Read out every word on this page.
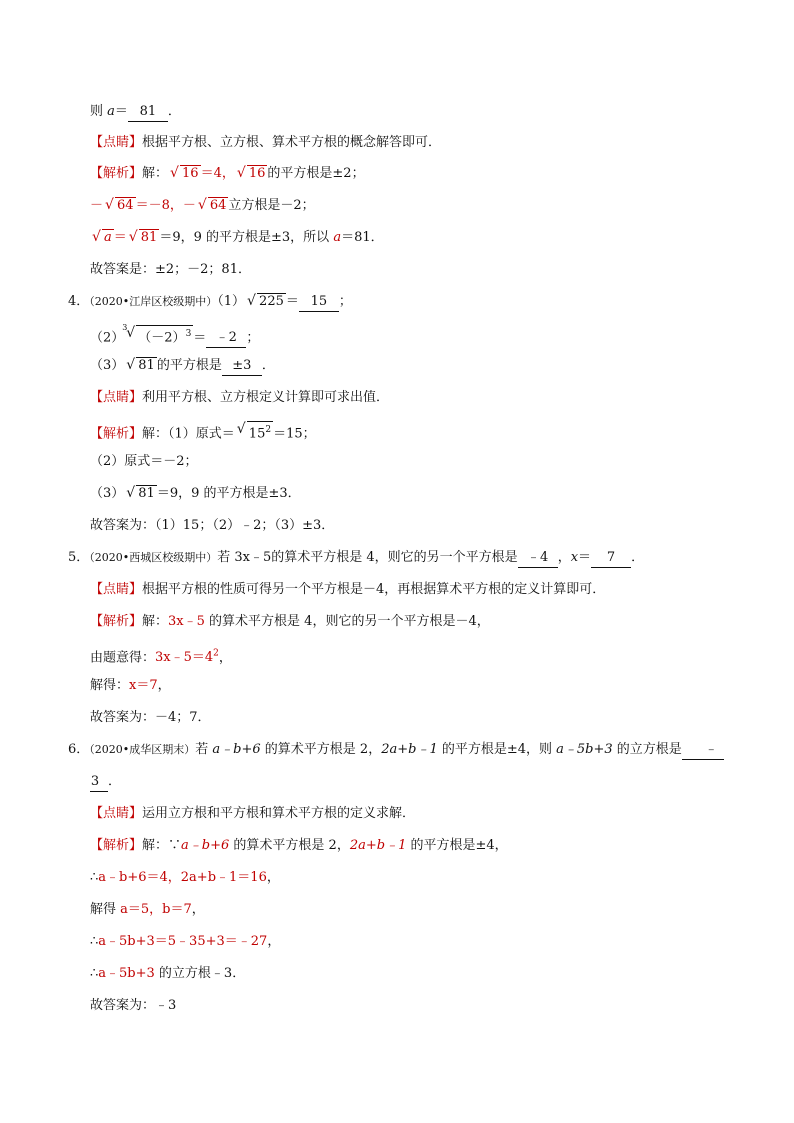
则 a＝ 81 ．
【点睛】根据平方根、立方根、算术平方根的概念解答即可．
【解析】解： √ 16 ＝4， √ 16 的平方根是±2；
－ √ 64 ＝－8，－ √ 64 立方根是－2；
√ a ＝ √ 81 ＝9，9 的平方根是±3，所以 a＝81．
故答案是：±2；－2；81．
4．（2020•江岸区校级期中）（1） √ 225 ＝ 15 ；
（2）
3
√ $(-2)^3$ ＝ ﹣2 ；
（3） √ 81 的平方根是 ±3 ．
【点睛】利用平方根、立方根定义计算即可求出值．
【解析】解：（1）原式＝ √ $15^2 =15$；
（2）原式＝－2；
（3） √ 81 ＝9，9 的平方根是±3．
故答案为：（1）15；（2）﹣2；（3）±3．
5．（2020•西城区校级期中）若 3x﹣5的算术平方根是 4，则它的另一个平方根是 ﹣4 ，x＝ 7 ．
【点睛】根据平方根的性质可得另一个平方根是－4，再根据算术平方根的定义计算即可．
【解析】解：3x﹣5 的算术平方根是 4，则它的另一个平方根是－4，
由题意得：$3x﹣5=4^2$，
解得：x＝7，
故答案为：－4；7．
6．（2020•成华区期末）若 a﹣b+6 的算术平方根是 2，2a+b﹣1 的平方根是±4，则 a﹣5b+3 的立方根是 ﹣
3 ．
【点睛】运用立方根和平方根和算术平方根的定义求解．
【解析】解：∵a﹣b+6 的算术平方根是 2，2a+b﹣1 的平方根是±4，
∴a﹣b+6＝4，2a+b﹣1＝16，
解得 a＝5，b＝7，
∴a﹣5b+3＝5﹣35+3＝﹣27，
∴a﹣5b+3 的立方根﹣3．
故答案为：﹣3
